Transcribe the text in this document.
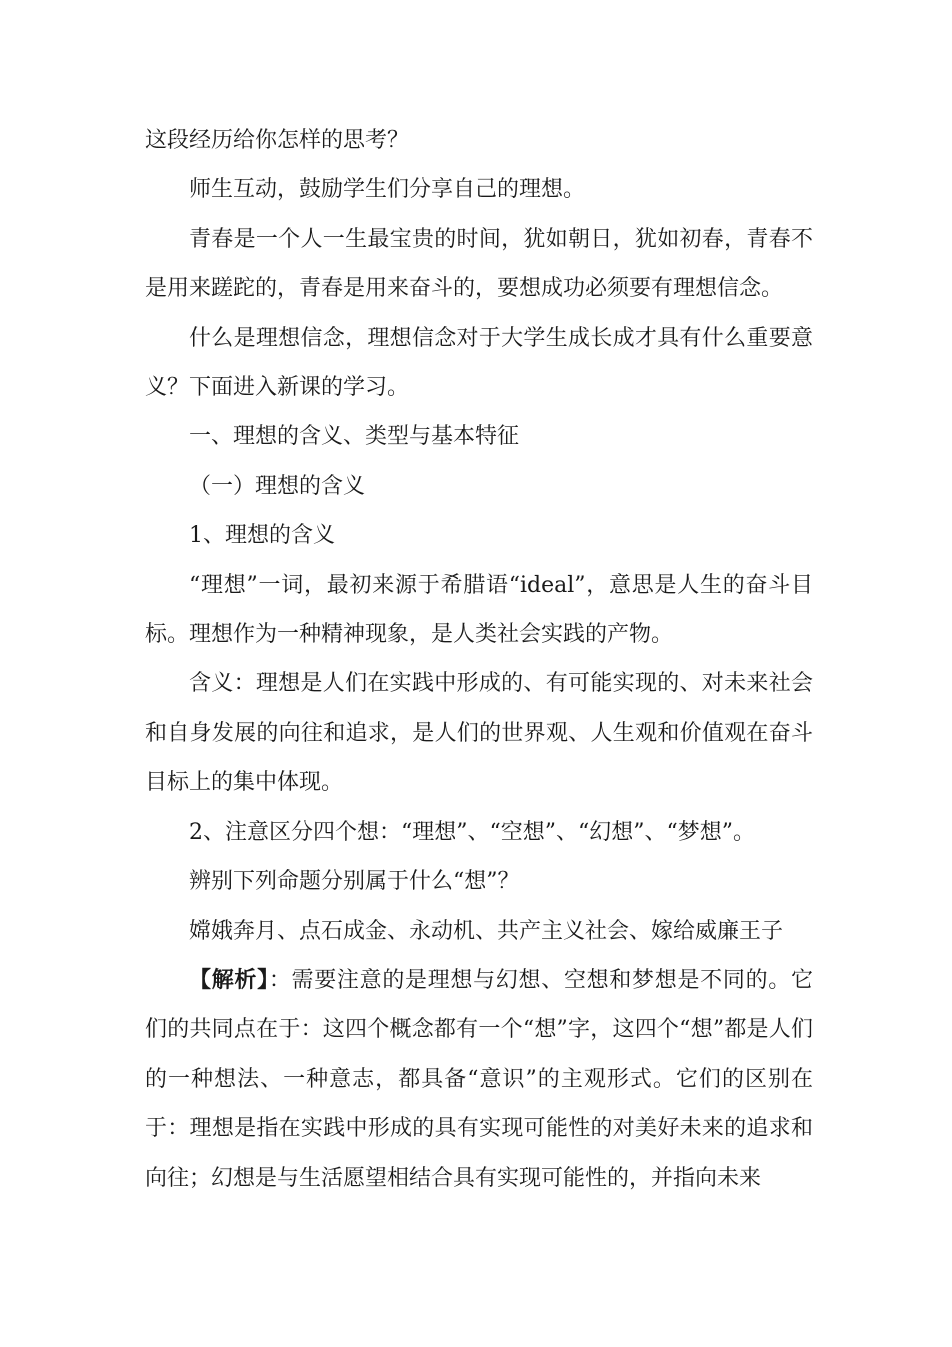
这段经历给你怎样的思考？

师生互动，鼓励学生们分享自己的理想。

青春是一个人一生最宝贵的时间，犹如朝日，犹如初春，青春不是用来蹉跎的，青春是用来奋斗的，要想成功必须要有理想信念。

什么是理想信念，理想信念对于大学生成长成才具有什么重要意义？下面进入新课的学习。

一、理想的含义、类型与基本特征

（一）理想的含义

1、理想的含义

“理想”一词，最初来源于希腊语“ideal”，意思是人生的奋斗目标。理想作为一种精神现象，是人类社会实践的产物。

含义：理想是人们在实践中形成的、有可能实现的、对未来社会和自身发展的向往和追求，是人们的世界观、人生观和价值观在奋斗目标上的集中体现。

2、注意区分四个想：“理想”、“空想”、“幻想”、“梦想”。

辨别下列命题分别属于什么“想”？

嫦娥奔月、点石成金、永动机、共产主义社会、嫁给威廉王子

【解析】：需要注意的是理想与幻想、空想和梦想是不同的。它们的共同点在于：这四个概念都有一个“想”字，这四个“想”都是人们的一种想法、一种意志，都具备“意识”的主观形式。它们的区别在于：理想是指在实践中形成的具有实现可能性的对美好未来的追求和向往；幻想是与生活愿望相结合具有实现可能性的，并指向未来
